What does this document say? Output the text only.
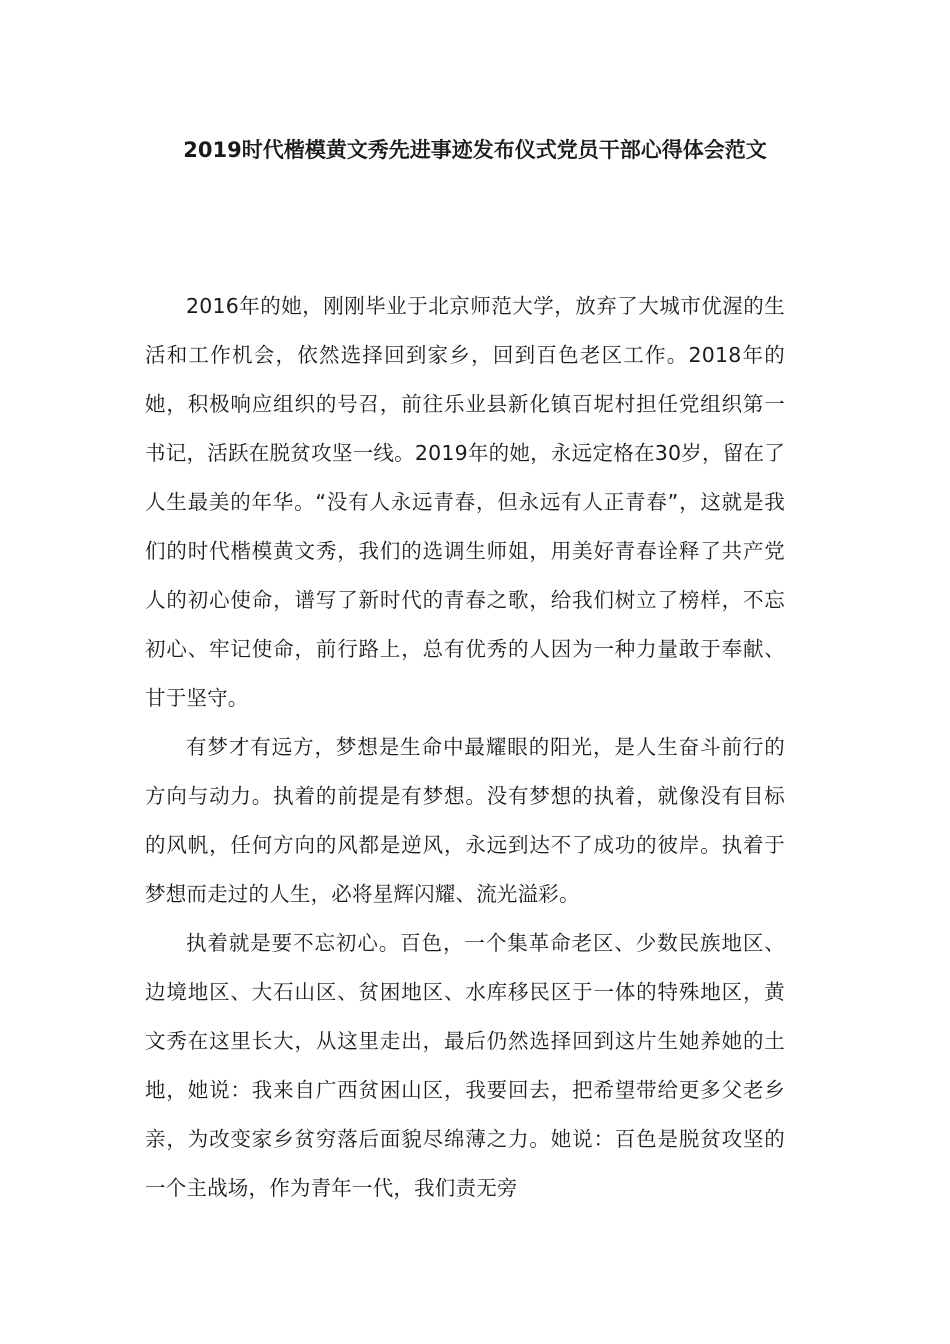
2019时代楷模黄文秀先进事迹发布仪式党员干部心得体会范文

2016年的她，刚刚毕业于北京师范大学，放弃了大城市优渥的生活和工作机会，依然选择回到家乡，回到百色老区工作。2018年的她，积极响应组织的号召，前往乐业县新化镇百坭村担任党组织第一书记，活跃在脱贫攻坚一线。2019年的她，永远定格在30岁，留在了人生最美的年华。“没有人永远青春，但永远有人正青春”，这就是我们的时代楷模黄文秀，我们的选调生师姐，用美好青春诠释了共产党人的初心使命，谱写了新时代的青春之歌，给我们树立了榜样，不忘初心、牢记使命，前行路上，总有优秀的人因为一种力量敢于奉献、甘于坚守。

有梦才有远方，梦想是生命中最耀眼的阳光，是人生奋斗前行的方向与动力。执着的前提是有梦想。没有梦想的执着，就像没有目标的风帆，任何方向的风都是逆风，永远到达不了成功的彼岸。执着于梦想而走过的人生，必将星辉闪耀、流光溢彩。

执着就是要不忘初心。百色，一个集革命老区、少数民族地区、边境地区、大石山区、贫困地区、水库移民区于一体的特殊地区，黄文秀在这里长大，从这里走出，最后仍然选择回到这片生她养她的土地，她说：我来自广西贫困山区，我要回去，把希望带给更多父老乡亲，为改变家乡贫穷落后面貌尽绵薄之力。她说：百色是脱贫攻坚的一个主战场，作为青年一代，我们责无旁
